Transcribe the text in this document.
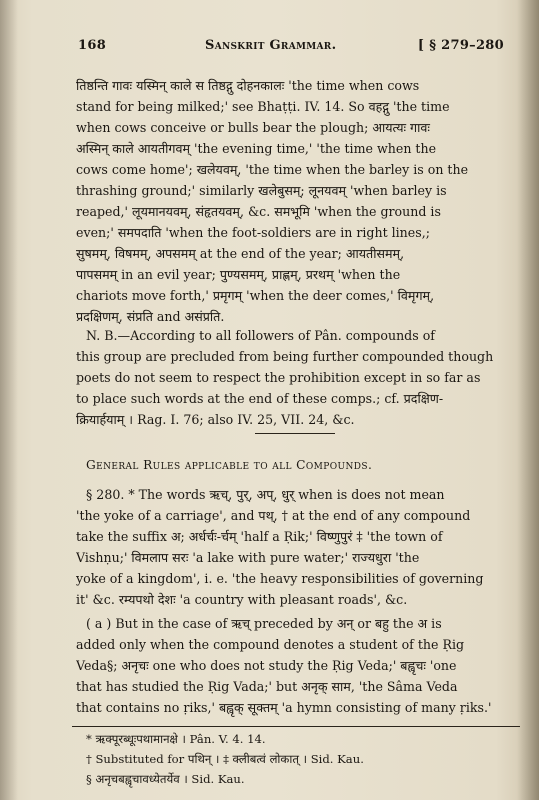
168	Sanskrit Grammar.	[ § 279–280
तिष्ठन्ति गावः यस्मिन् काले स तिष्ठद्गु दोहनकालः 'the time when cows
stand for being milked;' see Bhaṭṭi. IV. 14. So वहद्गु 'the time
when cows conceive or bulls bear the plough; आयत्यः गावः
अस्मिन् काले आयतीगवम् 'the evening time,' 'the time when the
cows come home'; खलेयवम्, 'the time when the barley is on the
thrashing ground;' similarly खलेबुसम्; लूनयवम् 'when barley is
reaped,' लूयमानयवम्, संहृतयवम्, &c. समभूमि 'when the ground is
even;' समपदाति 'when the foot-soldiers are in right lines,;
सुषमम्, विषमम्, अपसमम् at the end of the year; आयतीसमम्,
पापसमम् in an evil year; पुण्यसमम्, प्राह्णम्, प्ररथम् 'when the
chariots move forth,' प्रमृगम् 'when the deer comes,' विमृगम्,
प्रदक्षिणम्, संप्रति and असंप्रति.
N. B.—According to all followers of Pân. compounds of
this group are precluded from being further compounded though
poets do not seem to respect the prohibition except in so far as
to place such words at the end of these comps.; cf. प्रदक्षिण-
क्रियार्हयाम् । Rag. I. 76; also IV. 25, VII. 24, &c.
General Rules applicable to all Compounds.
§ 280. * The words ऋच्, पुर्, अप्, धुर् when is does not mean
'the yoke of a carriage', and पथ्, † at the end of any compound
take the suffix अ; अर्धर्चः-र्चम् 'half a Ṛik;' विष्णुपुरं ‡ 'the town of
Vishṇu;' विमलाप सरः 'a lake with pure water;' राज्यधुरा 'the
yoke of a kingdom', i. e. 'the heavy responsibilities of governing
it' &c. रम्यपथो देशः 'a country with pleasant roads', &c.
( a ) But in the case of ऋच् preceded by अन् or बहु the अ is
added only when the compound denotes a student of the Ṛig
Veda§; अनृचः one who does not study the Ṛig Veda;' बह्वृचः 'one
that has studied the Ṛig Vada;' but अनृक् साम, 'the Sâma Veda
that contains no ṛiks,' बह्वृक् सूक्तम् 'a hymn consisting of many ṛiks.'
* ऋक्पूरब्धूःपथामानक्षे । Pân. V. 4. 14.
† Substituted for पथिन् । ‡ क्लीबत्वं लोकात् । Sid. Kau.
§ अनृचबह्वृचावध्येतर्येव । Sid. Kau.
